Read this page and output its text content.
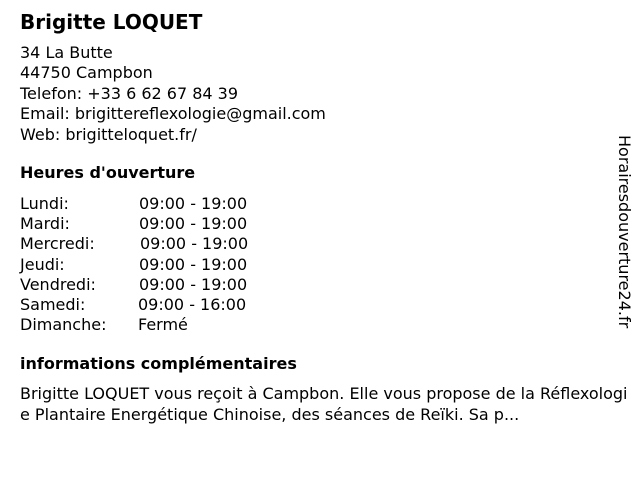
Brigitte LOQUET
34 La Butte
44750 Campbon
Telefon: +33 6 62 67 84 39
Email: brigittereflexologie@gmail.com
Web: brigitteloquet.fr/
Heures d'ouverture
Lundi:	09:00 - 19:00
Mardi:	09:00 - 19:00
Mercredi:	09:00 - 19:00
Jeudi:	09:00 - 19:00
Vendredi:	09:00 - 19:00
Samedi:	09:00 - 16:00
Dimanche: Fermé
informations complémentaires
Brigitte LOQUET vous reçoit à Campbon. Elle vous propose de la Réflexologie Plantaire Energétique Chinoise, des séances de Reïki. Sa p...
Horairesdouverture24.fr
